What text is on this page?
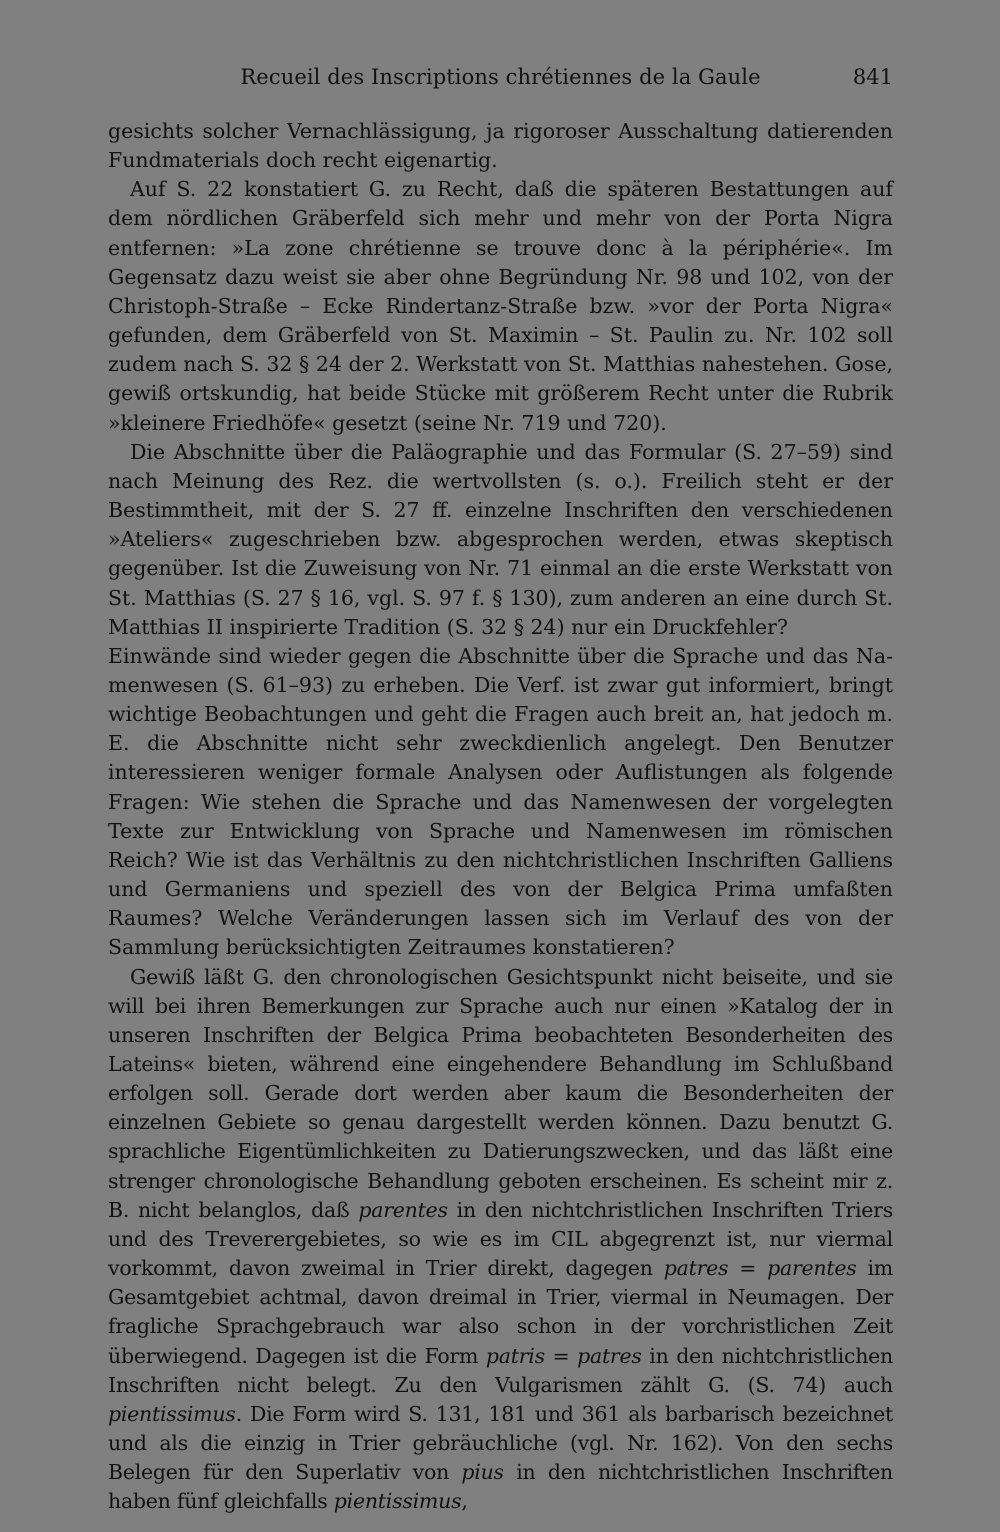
Recueil des Inscriptions chrétiennes de la Gaule	841

gesichts solcher Vernachlässigung, ja rigoroser Ausschaltung datierenden Fundmaterials doch recht eigenartig.

Auf S. 22 konstatiert G. zu Recht, daß die späteren Bestattungen auf dem nördlichen Gräberfeld sich mehr und mehr von der Porta Nigra entfernen: »La zone chrétienne se trouve donc à la périphérie«. Im Gegensatz dazu weist sie aber ohne Begründung Nr. 98 und 102, von der Christoph-Straße – Ecke Rindertanz-Straße bzw. »vor der Porta Nigra« gefunden, dem Gräberfeld von St. Maximin – St. Paulin zu. Nr. 102 soll zudem nach S. 32 § 24 der 2. Werkstatt von St. Matthias nahestehen. Gose, gewiß ortskundig, hat beide Stücke mit größerem Recht unter die Rubrik »kleinere Friedhöfe« gesetzt (seine Nr. 719 und 720).

Die Abschnitte über die Paläographie und das Formular (S. 27–59) sind nach Meinung des Rez. die wertvollsten (s. o.). Freilich steht er der Bestimmtheit, mit der S. 27 ff. einzelne Inschriften den verschiedenen »Ateliers« zugeschrieben bzw. abgesprochen werden, etwas skeptisch gegenüber. Ist die Zuweisung von Nr. 71 einmal an die erste Werkstatt von St. Matthias (S. 27 § 16, vgl. S. 97 f. § 130), zum anderen an eine durch St. Matthias II inspirierte Tradition (S. 32 § 24) nur ein Druckfehler?

Einwände sind wieder gegen die Abschnitte über die Sprache und das Namenwesen (S. 61–93) zu erheben. Die Verf. ist zwar gut informiert, bringt wichtige Beobachtungen und geht die Fragen auch breit an, hat jedoch m. E. die Abschnitte nicht sehr zweckdienlich angelegt. Den Benutzer interessieren weniger formale Analysen oder Auflistungen als folgende Fragen: Wie stehen die Sprache und das Namenwesen der vorgelegten Texte zur Entwicklung von Sprache und Namenwesen im römischen Reich? Wie ist das Verhältnis zu den nichtchristlichen Inschriften Galliens und Germaniens und speziell des von der Belgica Prima umfaßten Raumes? Welche Veränderungen lassen sich im Verlauf des von der Sammlung berücksichtigten Zeitraumes konstatieren?

Gewiß läßt G. den chronologischen Gesichtspunkt nicht beiseite, und sie will bei ihren Bemerkungen zur Sprache auch nur einen »Katalog der in unseren Inschriften der Belgica Prima beobachteten Besonderheiten des Lateins« bieten, während eine eingehendere Behandlung im Schlußband erfolgen soll. Gerade dort werden aber kaum die Besonderheiten der einzelnen Gebiete so genau dargestellt werden können. Dazu benutzt G. sprachliche Eigentümlichkeiten zu Datierungszwecken, und das läßt eine strenger chronologische Behandlung geboten erscheinen. Es scheint mir z. B. nicht belanglos, daß parentes in den nichtchristlichen Inschriften Triers und des Treverergebietes, so wie es im CIL abgegrenzt ist, nur viermal vorkommt, davon zweimal in Trier direkt, dagegen patres = parentes im Gesamtgebiet achtmal, davon dreimal in Trier, viermal in Neumagen. Der fragliche Sprachgebrauch war also schon in der vorchristlichen Zeit überwiegend. Dagegen ist die Form patris = patres in den nichtchristlichen Inschriften nicht belegt. Zu den Vulgarismen zählt G. (S. 74) auch pientissimus. Die Form wird S. 131, 181 und 361 als barbarisch bezeichnet und als die einzig in Trier gebräuchliche (vgl. Nr. 162). Von den sechs Belegen für den Superlativ von pius in den nichtchristlichen Inschriften haben fünf gleichfalls pientissimus,
